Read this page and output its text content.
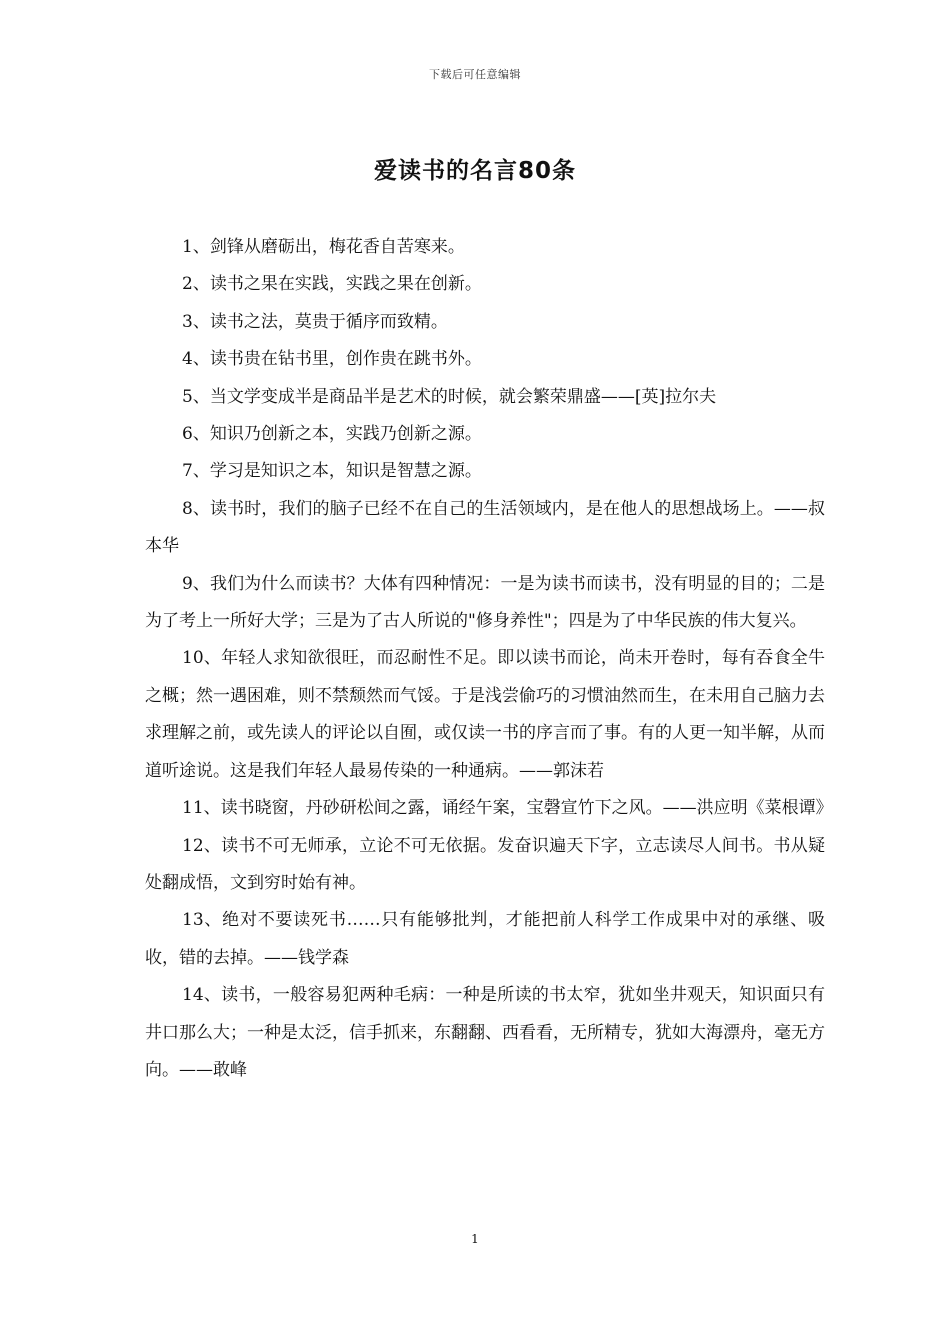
下载后可任意编辑
爱读书的名言80条

1、剑锋从磨砺出，梅花香自苦寒来。

2、读书之果在实践，实践之果在创新。

3、读书之法，莫贵于循序而致精。

4、读书贵在钻书里，创作贵在跳书外。

5、当文学变成半是商品半是艺术的时候，就会繁荣鼎盛——[英]拉尔夫

6、知识乃创新之本，实践乃创新之源。

7、学习是知识之本，知识是智慧之源。

8、读书时，我们的脑子已经不在自己的生活领域内，是在他人的思想战场上。——叔本华

9、我们为什么而读书？大体有四种情况：一是为读书而读书，没有明显的目的；二是为了考上一所好大学；三是为了古人所说的"修身养性"；四是为了中华民族的伟大复兴。

10、年轻人求知欲很旺，而忍耐性不足。即以读书而论，尚未开卷时，每有吞食全牛之概；然一遇困难，则不禁颓然而气馁。于是浅尝偷巧的习惯油然而生，在未用自己脑力去求理解之前，或先读人的评论以自囿，或仅读一书的序言而了事。有的人更一知半解，从而道听途说。这是我们年轻人最易传染的一种通病。——郭沫若

11、读书晓窗，丹砂研松间之露，诵经午案，宝磬宣竹下之风。——洪应明《菜根谭》

12、读书不可无师承，立论不可无依据。发奋识遍天下字，立志读尽人间书。书从疑处翻成悟，文到穷时始有神。

13、绝对不要读死书……只有能够批判，才能把前人科学工作成果中对的承继、吸收，错的去掉。——钱学森

14、读书，一般容易犯两种毛病：一种是所读的书太窄，犹如坐井观天，知识面只有井口那么大；一种是太泛，信手抓来，东翻翻、西看看，无所精专，犹如大海漂舟，毫无方向。——敢峰

1
